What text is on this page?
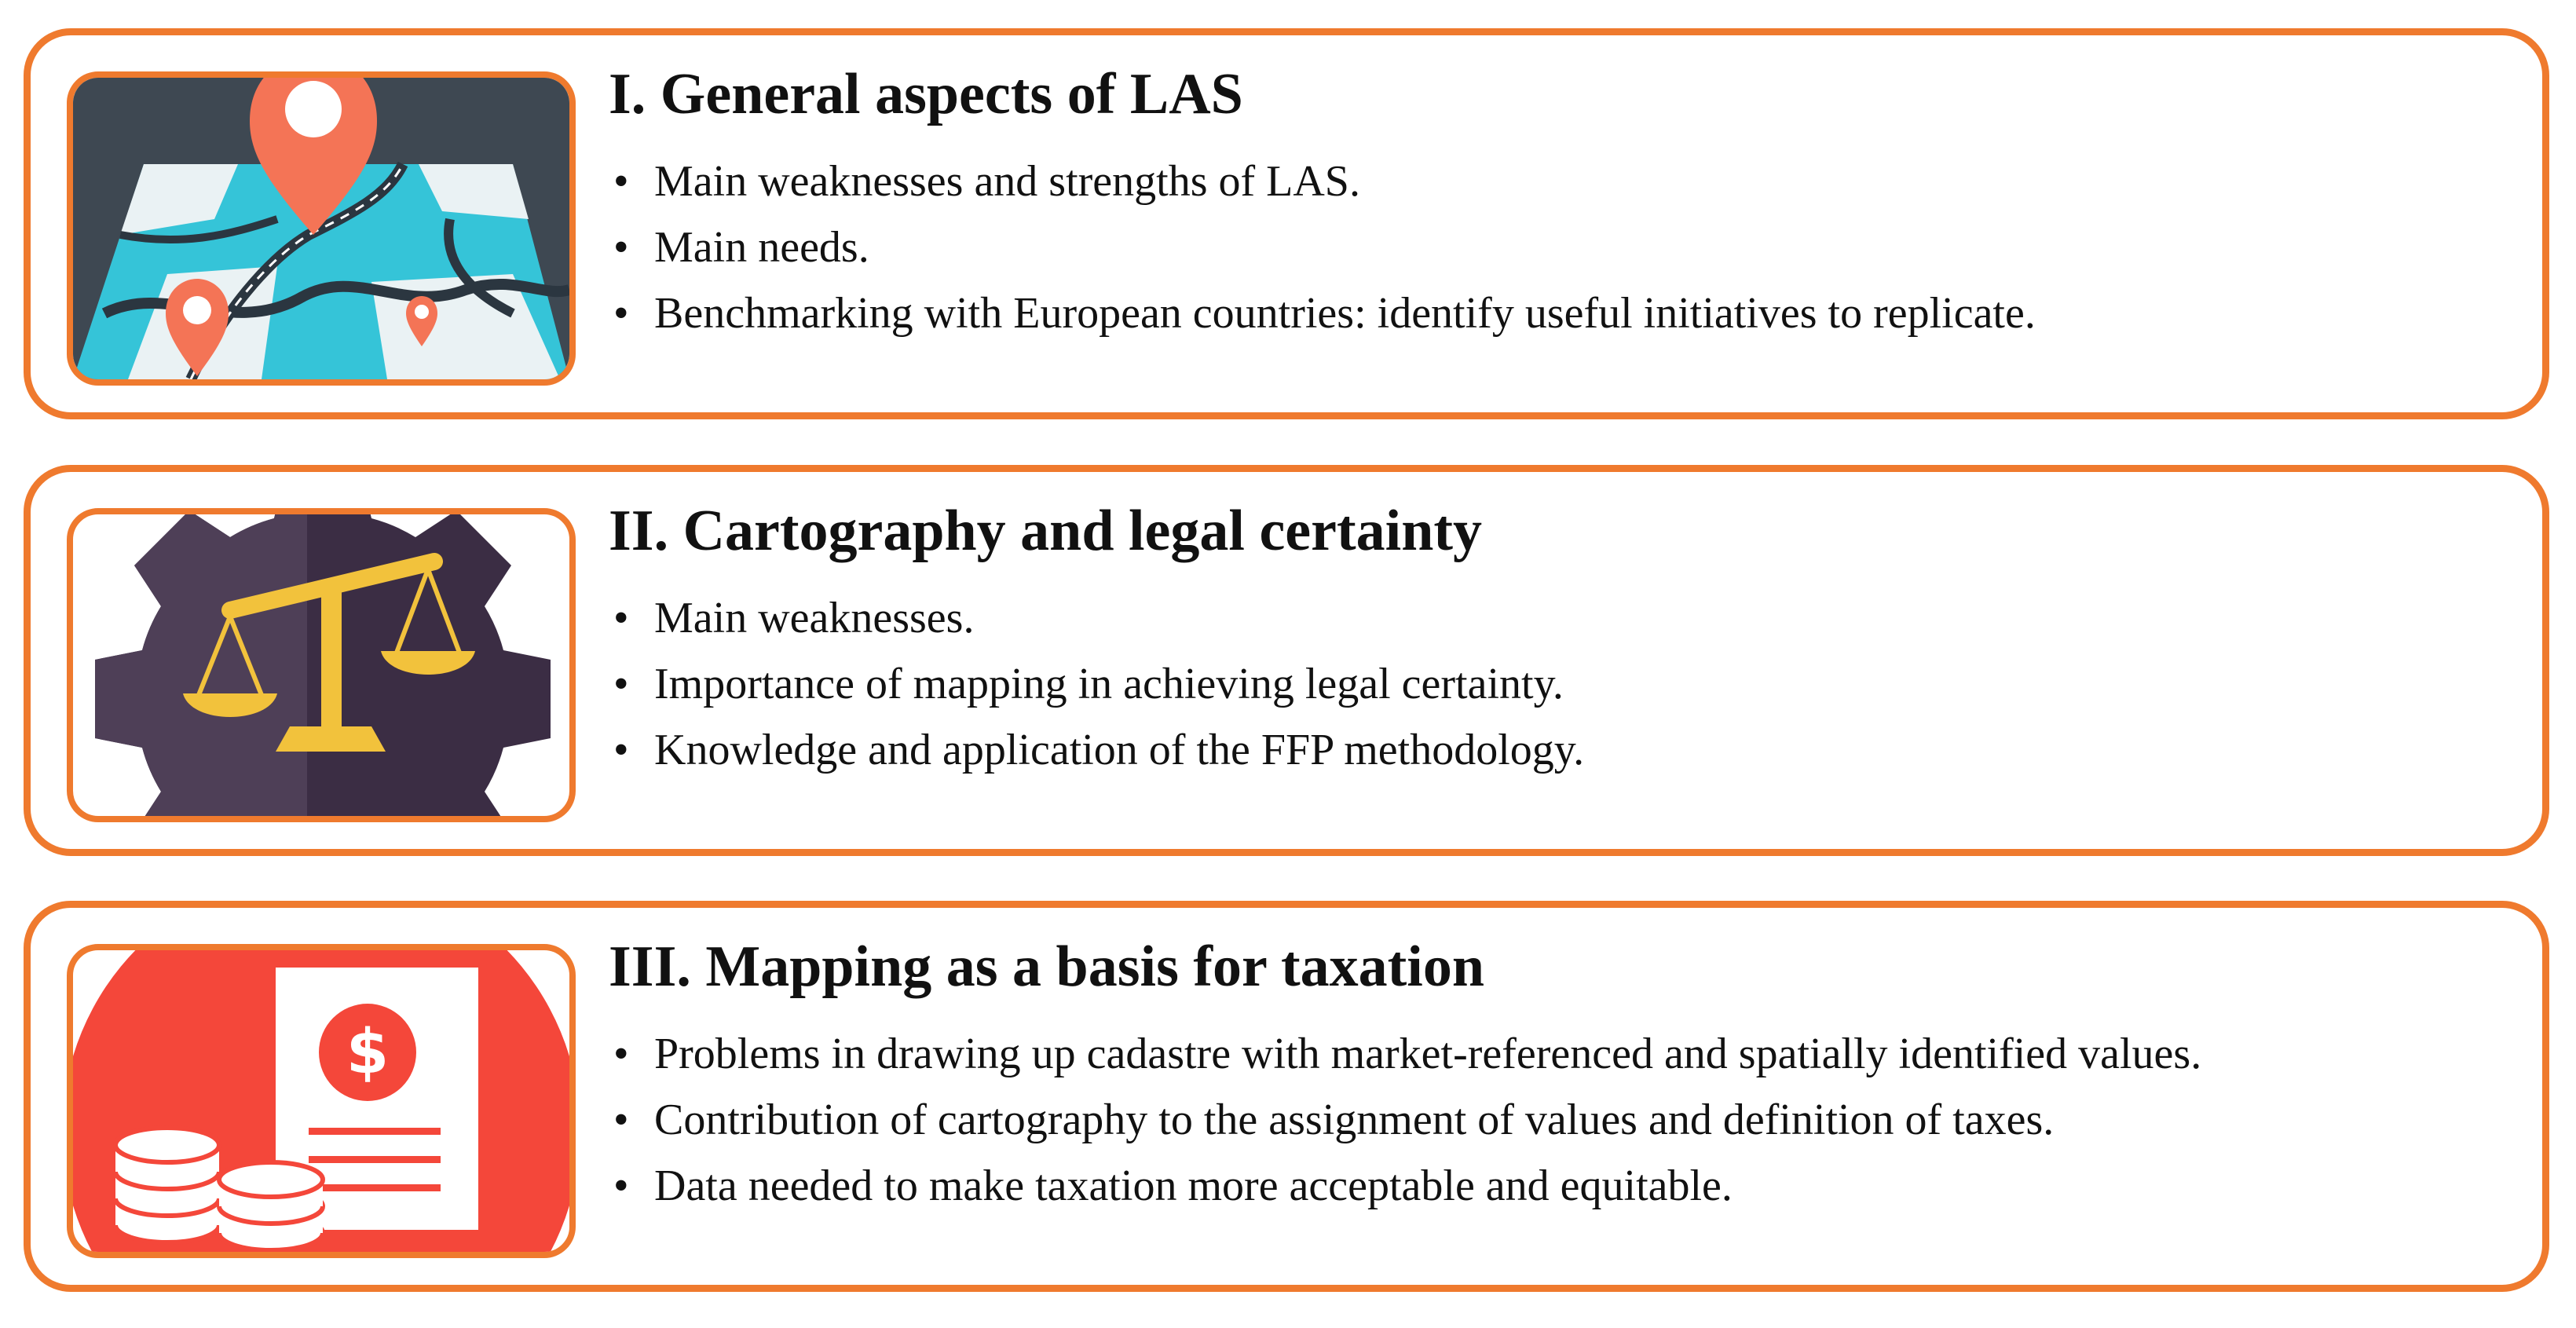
I. General aspects of LAS
• Main weaknesses and strengths of LAS.
• Main needs.
• Benchmarking with European countries: identify useful initiatives to replicate.
II. Cartography and legal certainty
• Main weaknesses.
• Importance of mapping in achieving legal certainty.
• Knowledge and application of the FFP methodology.
$
III. Mapping as a basis for taxation
• Problems in drawing up cadastre with market-referenced and spatially identified values.
• Contribution of cartography to the assignment of values and definition of taxes.
• Data needed to make taxation more acceptable and equitable.
